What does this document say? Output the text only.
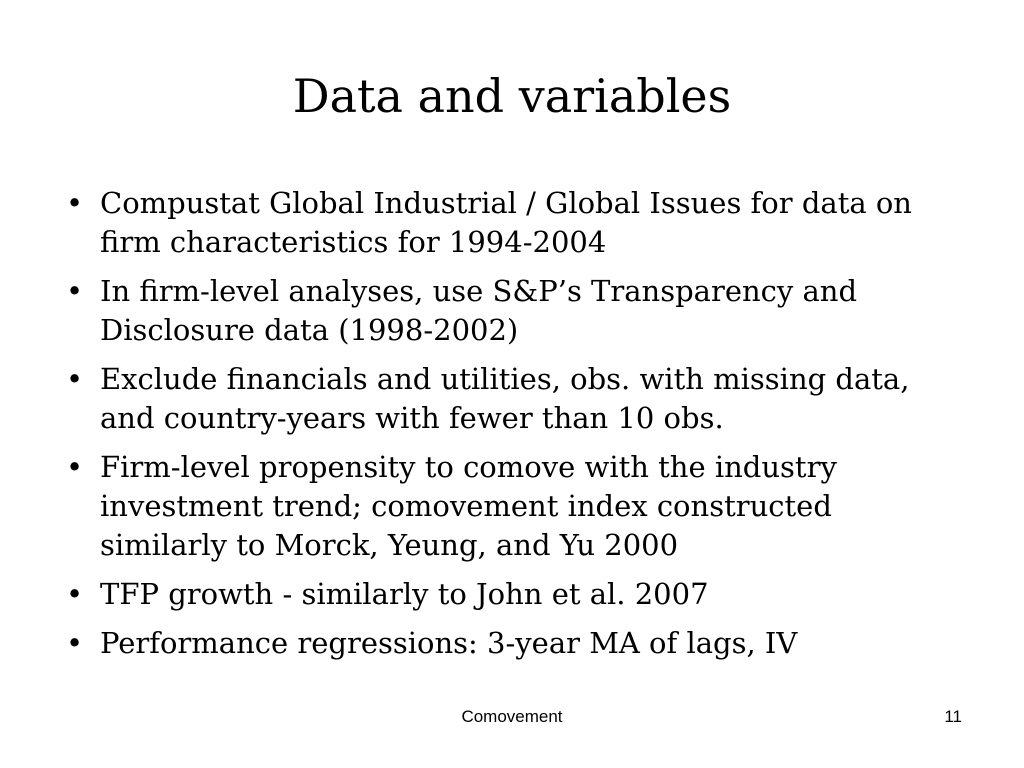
Data and variables
• Compustat Global Industrial / Global Issues for data on firm characteristics for 1994-2004
• In firm-level analyses, use S&P’s Transparency and Disclosure data (1998-2002)
• Exclude financials and utilities, obs. with missing data, and country-years with fewer than 10 obs.
• Firm-level propensity to comove with the industry investment trend; comovement index constructed similarly to Morck, Yeung, and Yu 2000
• TFP growth - similarly to John et al. 2007
• Performance regressions: 3-year MA of lags, IV
Comovement	11
